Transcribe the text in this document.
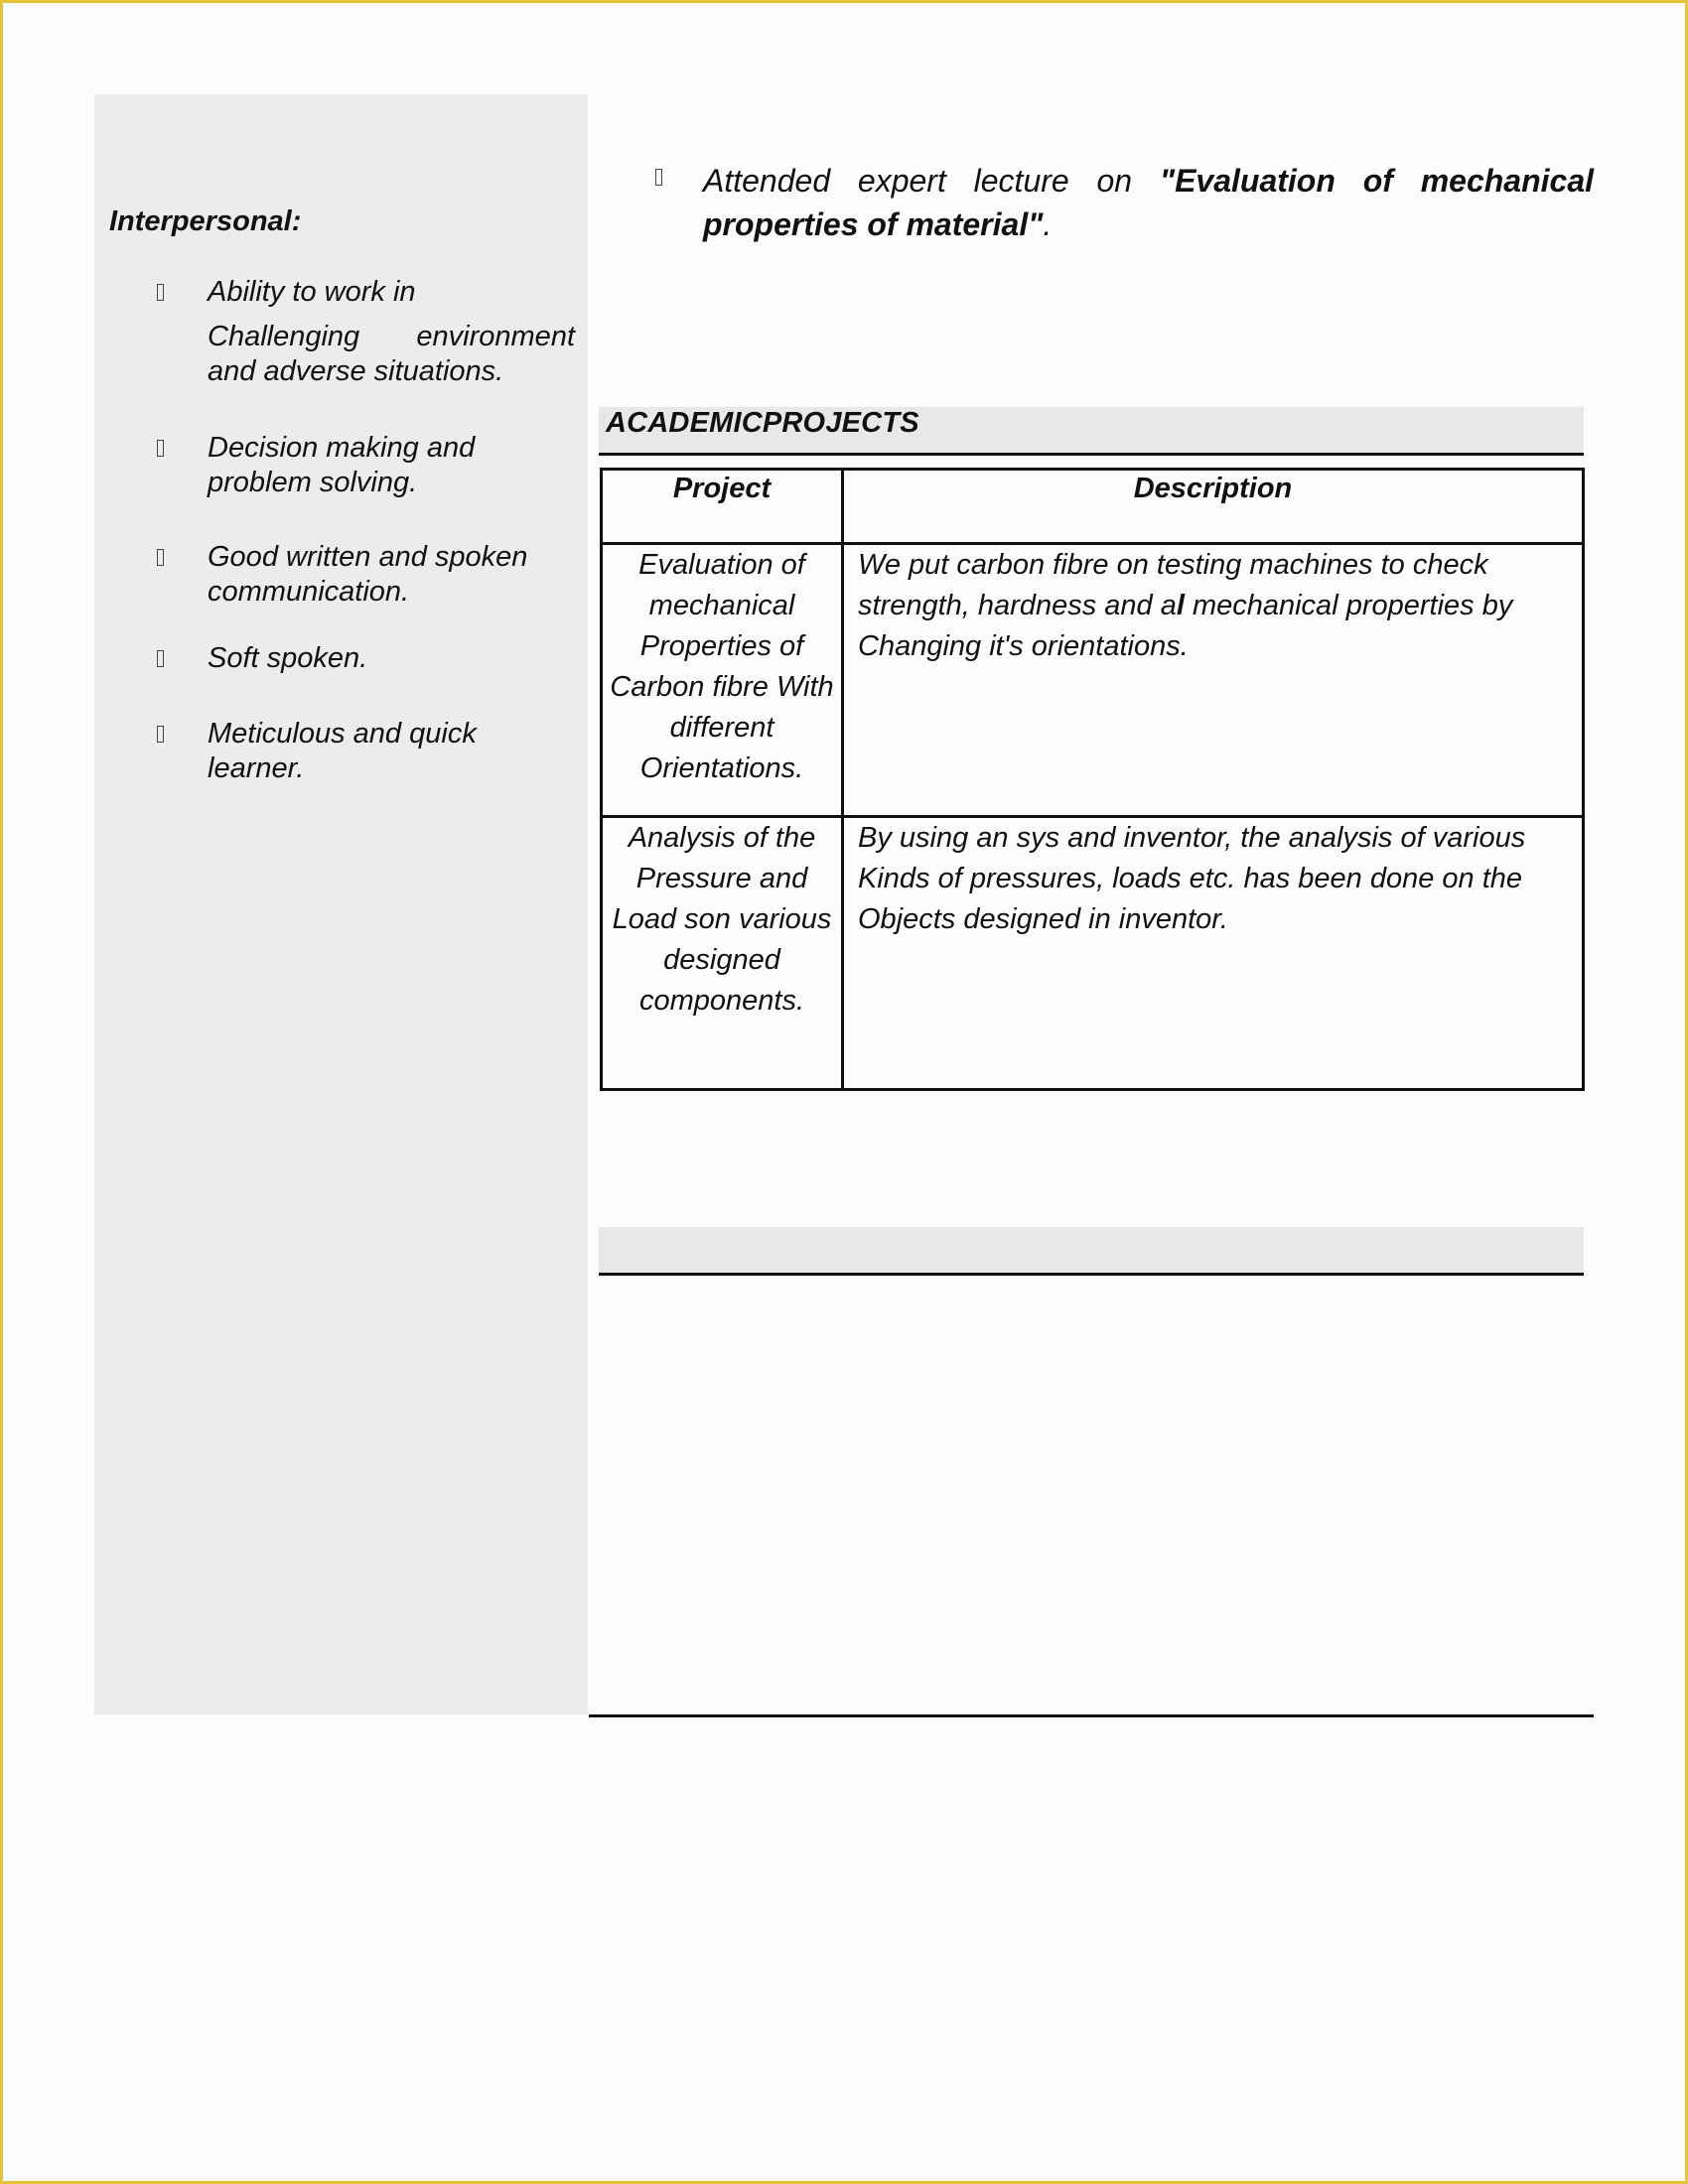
Interpersonal:
Ability to work in
Challenging environment and adverse situations.
Decision making and problem solving.
Good written and spoken communication.
Soft spoken.
Meticulous and quick learner.
Attended expert lecture on "Evaluation of mechanical properties of material".
ACADEMICPROJECTS
Project	Description
Evaluation of mechanical Properties of Carbon fibre With different Orientations.	We put carbon fibre on testing machines to check strength, hardness and al mechanical properties by Changing it's orientations.
Analysis of the Pressure and Load son various designed components.	By using an sys and inventor, the analysis of various Kinds of pressures, loads etc. has been done on the Objects designed in inventor.
